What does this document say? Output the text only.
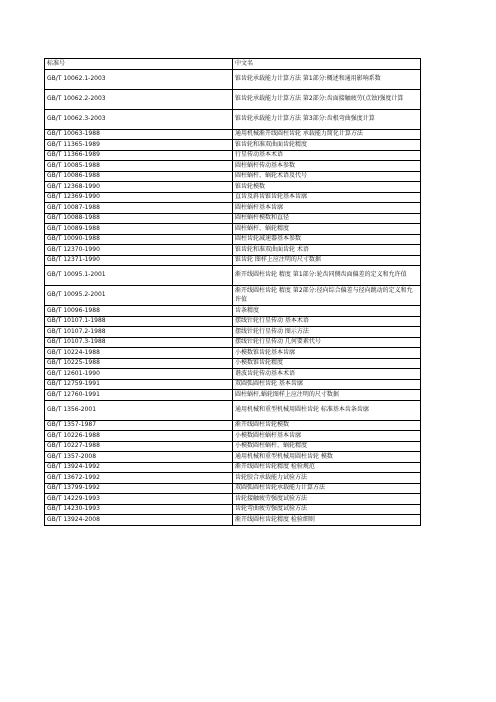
标准号	中文名
GB/T 10062.1-2003	锥齿轮承载能力计算方法 第1部分:概述和通用影响系数
GB/T 10062.2-2003	锥齿轮承载能力计算方法 第2部分:齿面接触疲劳(点蚀)强度计算
GB/T 10062.3-2003	锥齿轮承载能力计算方法 第3部分:齿根弯曲强度计算
GB/T 10063-1988	通用机械渐开线圆柱齿轮 承载能力简化计算方法
GB/T 11365-1989	锥齿轮和准双曲面齿轮精度
GB/T 11366-1989	行星传动基本术语
GB/T 10085-1988	圆柱蜗杆传动基本参数
GB/T 10086-1988	圆柱蜗杆、蜗轮术语及代号
GB/T 12368-1990	锥齿轮模数
GB/T 12369-1990	直齿及斜齿锥齿轮基本齿廓
GB/T 10087-1988	圆柱蜗杆基本齿廓
GB/T 10088-1988	圆柱蜗杆模数和直径
GB/T 10089-1988	圆柱蜗杆、蜗轮精度
GB/T 10090-1988	圆柱齿轮减速器基本参数
GB/T 12370-1990	锥齿轮和准双曲面齿轮 术语
GB/T 12371-1990	锥齿轮 图样上应注明的尺寸数据
GB/T 10095.1-2001	渐开线圆柱齿轮 精度 第1部分:轮齿同侧齿面偏差的定义和允许值
GB/T 10095.2-2001	渐开线圆柱齿轮 精度 第2部分:径向综合偏差与径向跳动的定义和允许值
GB/T 10096-1988	齿条精度
GB/T 10107.1-1988	摆线针轮行星传动 基本术语
GB/T 10107.2-1988	摆线针轮行星传动 图示方法
GB/T 10107.3-1988	摆线针轮行星传动 几何要素代号
GB/T 10224-1988	小模数锥齿轮基本齿廓
GB/T 10225-1988	小模数锥齿轮精度
GB/T 12601-1990	谐波齿轮传动基本术语
GB/T 12759-1991	双圆弧圆柱齿轮 基本齿廓
GB/T 12760-1991	圆柱蜗杆,蜗轮图样上应注明的尺寸数据
GB/T 1356-2001	通用机械和重型机械用圆柱齿轮 标准基本齿条齿廓
GB/T 1357-1987	渐开线圆柱齿轮模数
GB/T 10226-1988	小模数圆柱蜗杆基本齿廓
GB/T 10227-1988	小模数圆柱蜗杆、蜗轮精度
GB/T 1357-2008	通用机械和重型机械用圆柱齿轮 模数
GB/T 13924-1992	渐开线圆柱齿轮精度 检验规范
GB/T 13672-1992	齿轮胶合承载能力试验方法
GB/T 13799-1992	双圆弧圆柱齿轮承载能力计算方法
GB/T 14229-1993	齿轮接触疲劳强度试验方法
GB/T 14230-1993	齿轮弯曲疲劳强度试验方法
GB/T 13924-2008	渐开线圆柱齿轮精度 检验细则
